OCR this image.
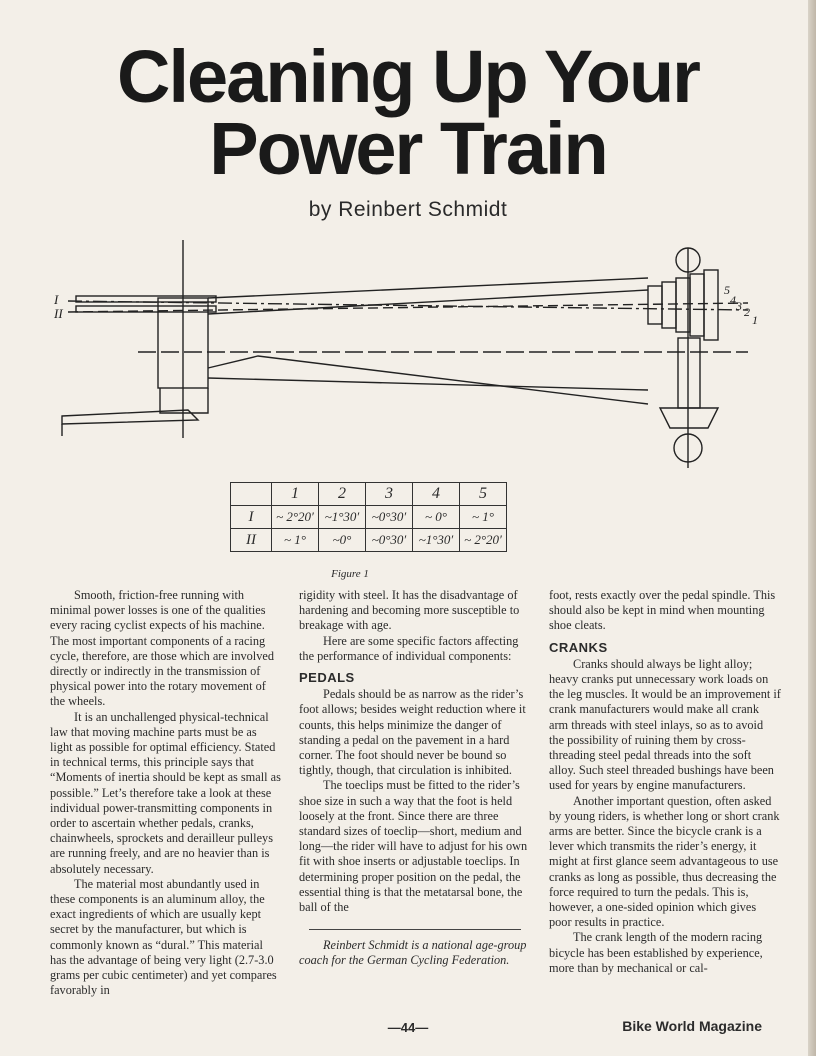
Cleaning Up Your
Power Train
by Reinbert Schmidt
I
II
5
4 3 2
1
	1	2	3	4	5
I	~ 2°20′	~1°30′	~0°30′	~ 0°	~ 1°
II	~ 1°	~0°	~0°30′	~1°30′	~ 2°20′
Figure 1

Smooth, friction-free running with minimal power losses is one of the qualities every racing cyclist expects of his machine. The most important components of a racing cycle, therefore, are those which are involved directly or indirectly in the transmission of physical power into the rotary movement of the wheels.

It is an unchallenged physical-technical law that moving machine parts must be as light as possible for optimal efficiency. Stated in technical terms, this principle says that “Moments of inertia should be kept as small as possible.” Let’s therefore take a look at these individual power-transmitting components in order to ascertain whether pedals, cranks, chainwheels, sprockets and derailleur pulleys are running freely, and are no heavier than is absolutely necessary.

The material most abundantly used in these components is an aluminum alloy, the exact ingredients of which are usually kept secret by the manufacturer, but which is commonly known as “dural.” This material has the advantage of being very light (2.7-3.0 grams per cubic centimeter) and yet compares favorably in

rigidity with steel. It has the disadvantage of hardening and becoming more susceptible to breakage with age.

Here are some specific factors affecting the performance of individual components:

PEDALS

Pedals should be as narrow as the rider’s foot allows; besides weight reduction where it counts, this helps minimize the danger of standing a pedal on the pavement in a hard corner. The foot should never be bound so tightly, though, that circulation is inhibited.

The toeclips must be fitted to the rider’s shoe size in such a way that the foot is held loosely at the front. Since there are three standard sizes of toeclip—short, medium and long—the rider will have to adjust for his own fit with shoe inserts or adjustable toeclips. In determining proper position on the pedal, the essential thing is that the metatarsal bone, the ball of the

Reinbert Schmidt is a national age-group coach for the German Cycling Federation.

foot, rests exactly over the pedal spindle. This should also be kept in mind when mounting shoe cleats.

CRANKS

Cranks should always be light alloy; heavy cranks put unnecessary work loads on the leg muscles. It would be an improvement if crank manufacturers would make all crank arm threads with steel inlays, so as to avoid the possibility of ruining them by cross-threading steel pedal threads into the soft alloy. Such steel threaded bushings have been used for years by engine manufacturers.

Another important question, often asked by young riders, is whether long or short crank arms are better. Since the bicycle crank is a lever which transmits the rider’s energy, it might at first glance seem advantageous to use cranks as long as possible, thus decreasing the force required to turn the pedals. This is, however, a one-sided opinion which gives poor results in practice.

The crank length of the modern racing bicycle has been established by experience, more than by mechanical or cal-

—44—	Bike World Magazine
